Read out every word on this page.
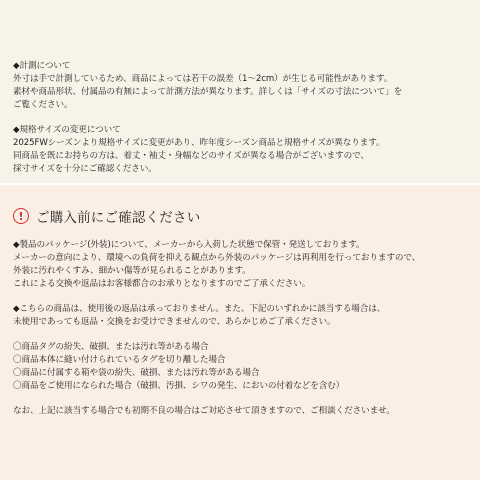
◆計測について
外寸は手で計測しているため、商品によっては若干の誤差（1〜2cm）が生じる可能性があります。
素材や商品形状、付属品の有無によって計測方法が異なります。詳しくは「サイズの寸法について」を
ご覧ください。
◆規格サイズの変更について
2025FWシーズンより規格サイズに変更があり、昨年度シーズン商品と規格サイズが異なります。
同商品を既にお持ちの方は、着丈・袖丈・身幅などのサイズが異なる場合がございますので、
採寸サイズを十分にご確認ください。
! ご購入前にご確認ください
◆製品のパッケージ(外装)について、メーカーから入荷した状態で保管・発送しております。
メーカーの意向により、環境への負荷を抑える観点から外装のパッケージは再利用を行っておりますので、
外装に汚れやくすみ、細かい傷等が見られることがあります。
これによる交換や返品はお客様都合のお承りとなりますのでご了承ください。
◆こちらの商品は、使用後の返品は承っておりません。また、下記のいずれかに該当する場合は、
未使用であっても返品・交換をお受けできませんので、あらかじめご了承ください。
〇商品タグの紛失、破損、または汚れ等がある場合
〇商品本体に縫い付けられているタグを切り離した場合
〇商品に付属する箱や袋の紛失、破損、または汚れ等がある場合
〇商品をご使用になられた場合（破損、汚損、シワの発生、においの付着などを含む）
なお、上記に該当する場合でも初期不良の場合はご対応させて頂きますので、ご相談くださいませ。
